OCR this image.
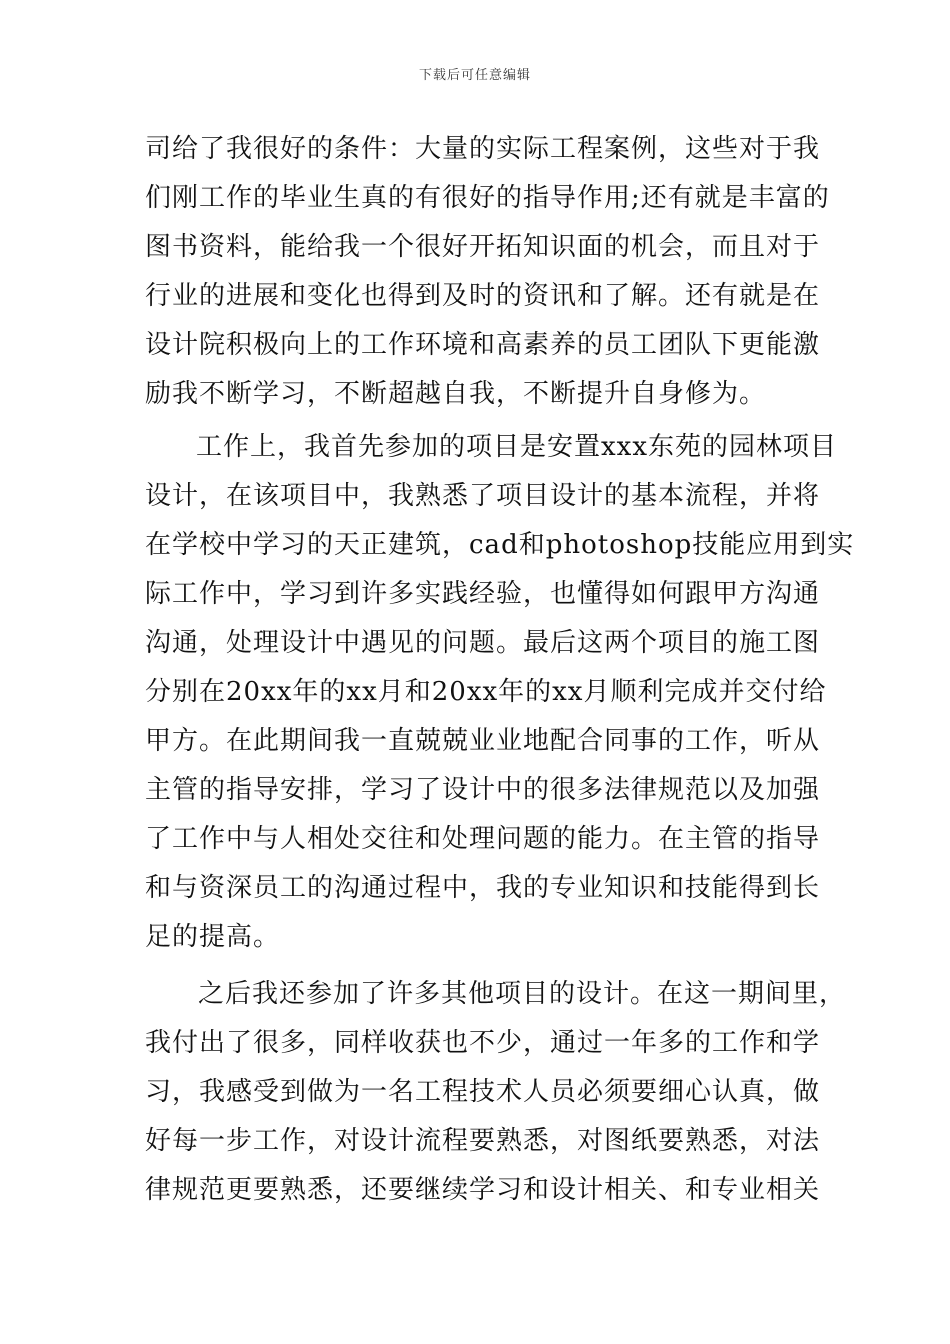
下载后可任意编辑
司给了我很好的条件：大量的实际工程案例，这些对于我
们刚工作的毕业生真的有很好的指导作用;还有就是丰富的
图书资料，能给我一个很好开拓知识面的机会，而且对于
行业的进展和变化也得到及时的资讯和了解。还有就是在
设计院积极向上的工作环境和高素养的员工团队下更能激
励我不断学习，不断超越自我，不断提升自身修为。
工作上，我首先参加的项目是安置xxx东苑的园林项目
设计，在该项目中，我熟悉了项目设计的基本流程，并将
在学校中学习的天正建筑，cad和photoshop技能应用到实
际工作中，学习到许多实践经验，也懂得如何跟甲方沟通
沟通，处理设计中遇见的问题。最后这两个项目的施工图
分别在20xx年的xx月和20xx年的xx月顺利完成并交付给
甲方。在此期间我一直兢兢业业地配合同事的工作，听从
主管的指导安排，学习了设计中的很多法律规范以及加强
了工作中与人相处交往和处理问题的能力。在主管的指导
和与资深员工的沟通过程中，我的专业知识和技能得到长
足的提高。
之后我还参加了许多其他项目的设计。在这一期间里，
我付出了很多，同样收获也不少，通过一年多的工作和学
习，我感受到做为一名工程技术人员必须要细心认真，做
好每一步工作，对设计流程要熟悉，对图纸要熟悉，对法
律规范更要熟悉，还要继续学习和设计相关、和专业相关
